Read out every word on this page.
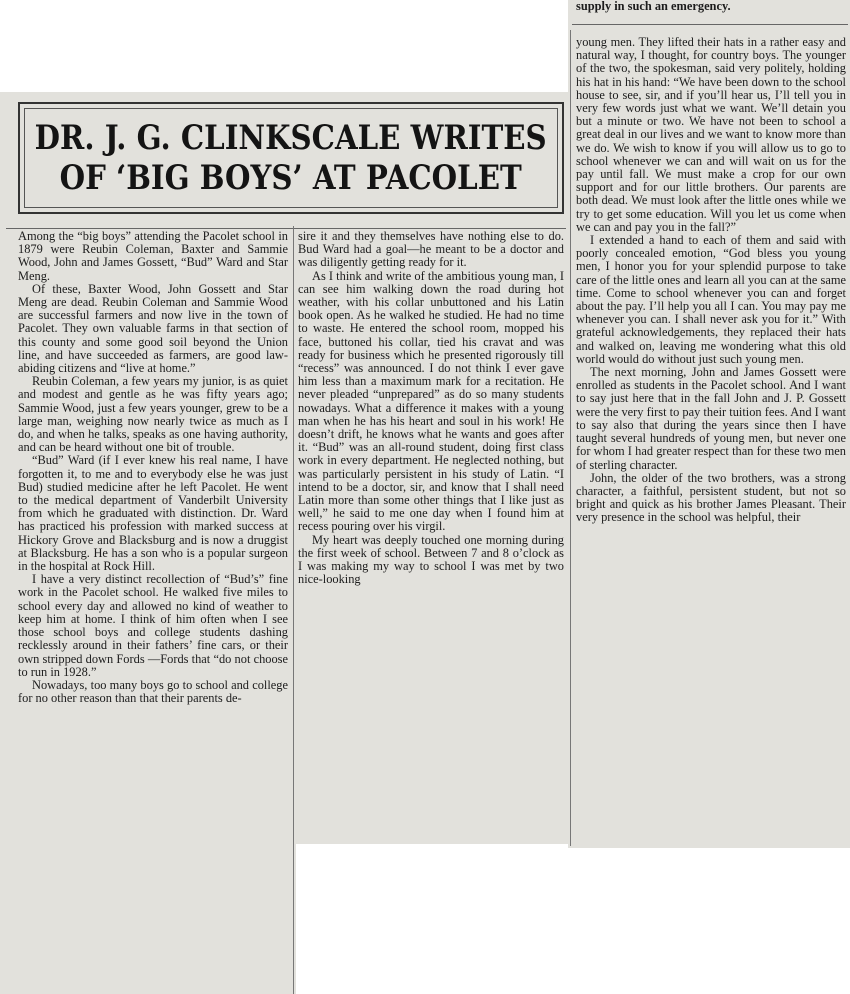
supply in such an emergency.
DR. J. G. CLINKSCALE WRITES
OF ‘BIG BOYS’ AT PACOLET

Among the “big boys” attending the Pacolet school in 1879 were Reubin Coleman, Baxter and Sammie Wood, John and James Gossett, “Bud” Ward and Star Meng.

Of these, Baxter Wood, John Gossett and Star Meng are dead. Reubin Coleman and Sammie Wood are successful farmers and now live in the town of Pacolet. They own valuable farms in that section of this county and some good soil beyond the Union line, and have succeeded as farmers, are good law-abiding citizens and “live at home.”

Reubin Coleman, a few years my junior, is as quiet and modest and gentle as he was fifty years ago; Sammie Wood, just a few years younger, grew to be a large man, weighing now nearly twice as much as I do, and when he talks, speaks as one having authority, and can be heard without one bit of trouble.

“Bud” Ward (if I ever knew his real name, I have forgotten it, to me and to everybody else he was just Bud) studied medicine after he left Pacolet. He went to the medical department of Vanderbilt University from which he graduated with distinction. Dr. Ward has practiced his profession with marked success at Hickory Grove and Blacksburg and is now a druggist at Blacksburg. He has a son who is a popular surgeon in the hospital at Rock Hill.

I have a very distinct recollection of “Bud’s” fine work in the Pacolet school. He walked five miles to school every day and allowed no kind of weather to keep him at home. I think of him often when I see those school boys and college students dashing recklessly around in their fathers’ fine cars, or their own stripped down Fords —Fords that “do not choose to run in 1928.”

Nowadays, too many boys go to school and college for no other reason than that their parents de-

sire it and they themselves have nothing else to do. Bud Ward had a goal—he meant to be a doctor and was diligently getting ready for it.

As I think and write of the ambitious young man, I can see him walking down the road during hot weather, with his collar unbuttoned and his Latin book open. As he walked he studied. He had no time to waste. He entered the school room, mopped his face, buttoned his collar, tied his cravat and was ready for business which he presented rigorously till “recess” was announced. I do not think I ever gave him less than a maximum mark for a recitation. He never pleaded “unprepared” as do so many students nowadays. What a difference it makes with a young man when he has his heart and soul in his work! He doesn’t drift, he knows what he wants and goes after it. “Bud” was an all-round student, doing first class work in every department. He neglected nothing, but was particularly persistent in his study of Latin. “I intend to be a doctor, sir, and know that I shall need Latin more than some other things that I like just as well,” he said to me one day when I found him at recess pouring over his virgil.

My heart was deeply touched one morning during the first week of school. Between 7 and 8 o’clock as I was making my way to school I was met by two nice-looking

young men. They lifted their hats in a rather easy and natural way, I thought, for country boys. The younger of the two, the spokesman, said very politely, holding his hat in his hand: “We have been down to the school house to see, sir, and if you’ll hear us, I’ll tell you in very few words just what we want. We’ll detain you but a minute or two. We have not been to school a great deal in our lives and we want to know more than we do. We wish to know if you will allow us to go to school whenever we can and will wait on us for the pay until fall. We must make a crop for our own support and for our little brothers. Our parents are both dead. We must look after the little ones while we try to get some education. Will you let us come when we can and pay you in the fall?”

I extended a hand to each of them and said with poorly concealed emotion, “God bless you young men, I honor you for your splendid purpose to take care of the little ones and learn all you can at the same time. Come to school whenever you can and forget about the pay. I’ll help you all I can. You may pay me whenever you can. I shall never ask you for it.” With grateful acknowledgements, they replaced their hats and walked on, leaving me wondering what this old world would do without just such young men.

The next morning, John and James Gossett were enrolled as students in the Pacolet school. And I want to say just here that in the fall John and J. P. Gossett were the very first to pay their tuition fees. And I want to say also that during the years since then I have taught several hundreds of young men, but never one for whom I had greater respect than for these two men of sterling character.

John, the older of the two brothers, was a strong character, a faithful, persistent student, but not so bright and quick as his brother James Pleasant. Their very presence in the school was helpful, their
